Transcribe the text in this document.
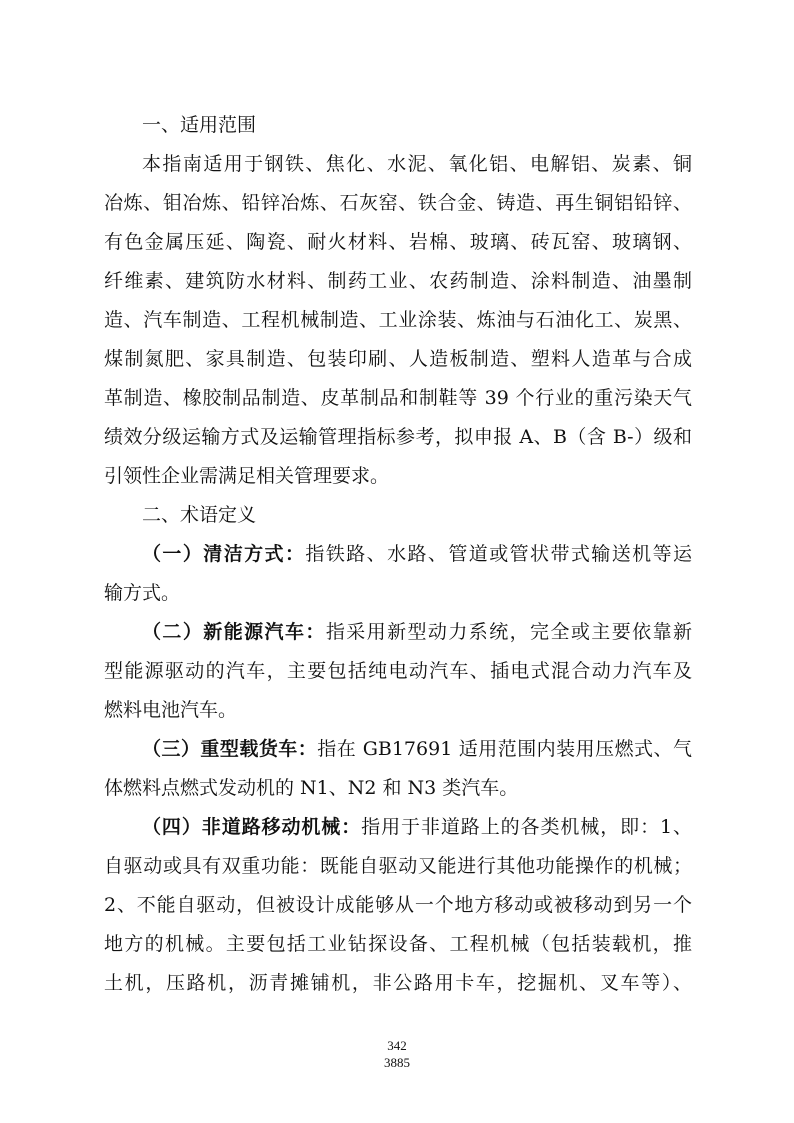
一、适用范围
本指南适用于钢铁、焦化、水泥、氧化铝、电解铝、炭素、铜
冶炼、钼冶炼、铅锌冶炼、石灰窑、铁合金、铸造、再生铜铝铅锌、
有色金属压延、陶瓷、耐火材料、岩棉、玻璃、砖瓦窑、玻璃钢、
纤维素、建筑防水材料、制药工业、农药制造、涂料制造、油墨制
造、汽车制造、工程机械制造、工业涂装、炼油与石油化工、炭黑、
煤制氮肥、家具制造、包装印刷、人造板制造、塑料人造革与合成
革制造、橡胶制品制造、皮革制品和制鞋等 39 个行业的重污染天气
绩效分级运输方式及运输管理指标参考，拟申报 A、B（含 B-）级和
引领性企业需满足相关管理要求。
二、术语定义
（一）清洁方式：指铁路、水路、管道或管状带式输送机等运
输方式。
（二）新能源汽车：指采用新型动力系统，完全或主要依靠新
型能源驱动的汽车，主要包括纯电动汽车、插电式混合动力汽车及
燃料电池汽车。
（三）重型载货车：指在 GB17691 适用范围内装用压燃式、气
体燃料点燃式发动机的 N1、N2 和 N3 类汽车。
（四）非道路移动机械：指用于非道路上的各类机械，即：1、
自驱动或具有双重功能：既能自驱动又能进行其他功能操作的机械；
2、不能自驱动，但被设计成能够从一个地方移动或被移动到另一个
地方的机械。主要包括工业钻探设备、工程机械（包括装载机，推
土机，压路机，沥青摊铺机，非公路用卡车，挖掘机、叉车等）、
342
3885
